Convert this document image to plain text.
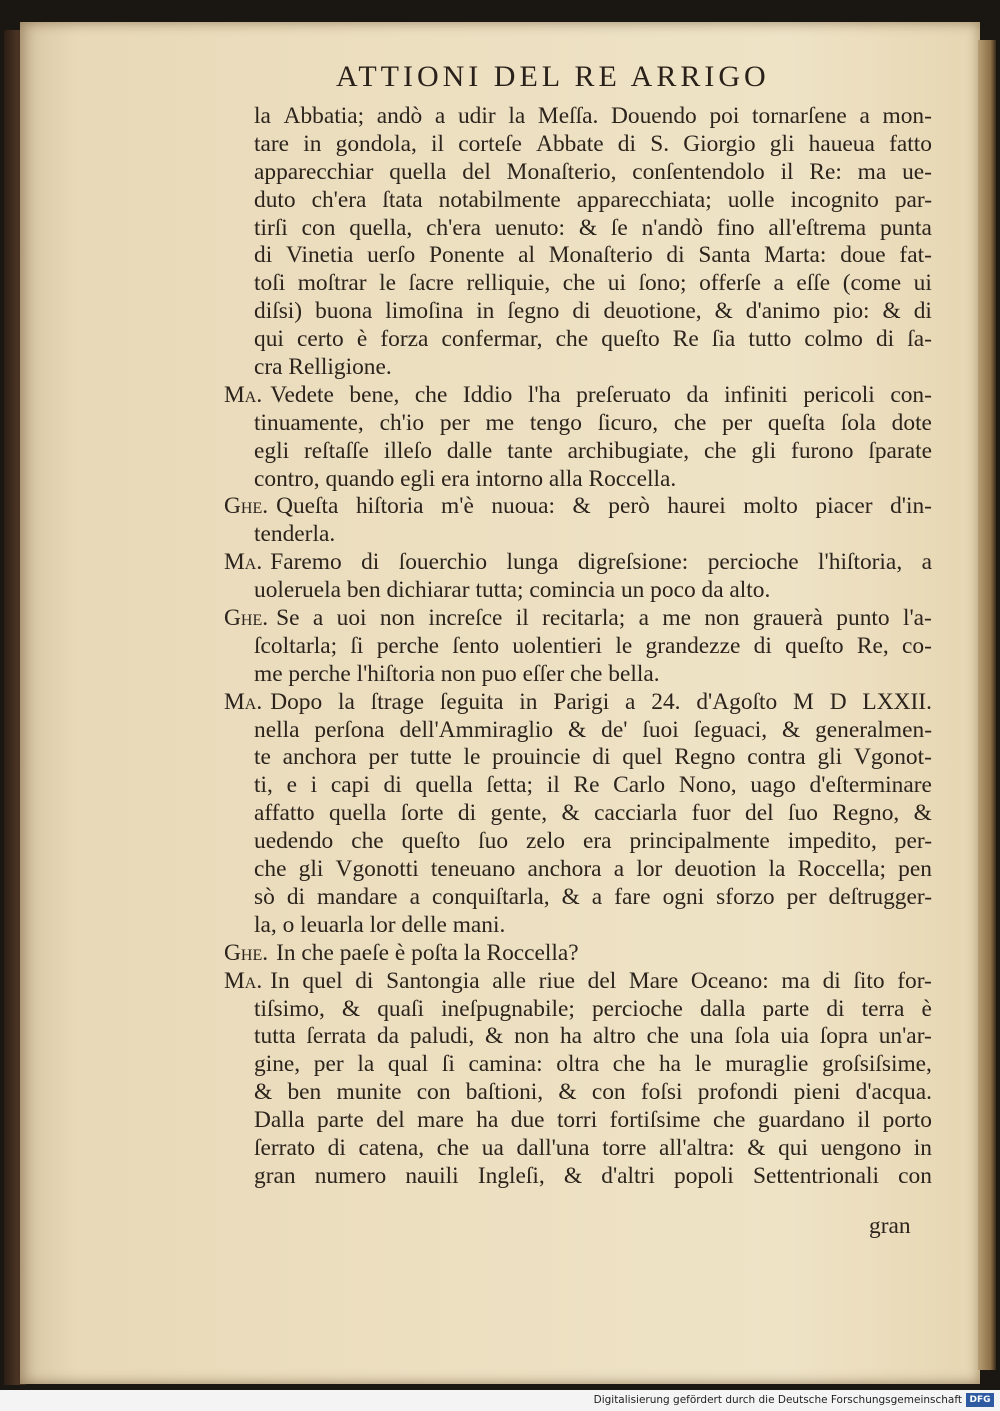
ATTIONI DEL RE ARRIGO
la Abbatia; andò a udir la Meſſa. Douendo poi tornarſene a mon-
tare in gondola, il corteſe Abbate di S. Giorgio gli haueua fatto
apparecchiar quella del Monaſterio, conſentendolo il Re: ma ue-
duto ch'era ſtata notabilmente apparecchiata; uolle incognito par-
tirſi con quella, ch'era uenuto: & ſe n'andò fino all'eſtrema punta
di Vinetia uerſo Ponente al Monaſterio di Santa Marta: doue fat-
toſi moſtrar le ſacre relliquie, che ui ſono; offerſe a eſſe (come ui
diſsi) buona limoſina in ſegno di deuotione, & d'animo pio: & di
qui certo è forza confermar, che queſto Re ſia tutto colmo di ſa-
cra Relligione.
Ma. Vedete bene, che Iddio l'ha preſeruato da infiniti pericoli con-
tinuamente, ch'io per me tengo ſicuro, che per queſta ſola dote
egli reſtaſſe illeſo dalle tante archibugiate, che gli furono ſparate
contro, quando egli era intorno alla Roccella.
Ghe. Queſta hiſtoria m'è nuoua: & però haurei molto piacer d'in-
tenderla.
Ma. Faremo di ſouerchio lunga digreſsione: percioche l'hiſtoria, a
uoleruela ben dichiarar tutta; comincia un poco da alto.
Ghe. Se a uoi non increſce il recitarla; a me non grauerà punto l'a-
ſcoltarla; ſi perche ſento uolentieri le grandezze di queſto Re, co-
me perche l'hiſtoria non puo eſſer che bella.
Ma. Dopo la ſtrage ſeguita in Parigi a 24. d'Agoſto M D LXXII.
nella perſona dell'Ammiraglio & de' ſuoi ſeguaci, & generalmen-
te anchora per tutte le prouincie di quel Regno contra gli Vgonot-
ti, e i capi di quella ſetta; il Re Carlo Nono, uago d'eſterminare
affatto quella ſorte di gente, & cacciarla fuor del ſuo Regno, &
uedendo che queſto ſuo zelo era principalmente impedito, per-
che gli Vgonotti teneuano anchora a lor deuotion la Roccella; pen
sò di mandare a conquiſtarla, & a fare ogni sforzo per deſtrugger-
la, o leuarla lor delle mani.
Ghe. In che paeſe è poſta la Roccella?
Ma. In quel di Santongia alle riue del Mare Oceano: ma di ſito for-
tiſsimo, & quaſi ineſpugnabile; percioche dalla parte di terra è
tutta ſerrata da paludi, & non ha altro che una ſola uia ſopra un'ar-
gine, per la qual ſi camina: oltra che ha le muraglie groſsiſsime,
& ben munite con baſtioni, & con foſsi profondi pieni d'acqua.
Dalla parte del mare ha due torri fortiſsime che guardano il porto
ſerrato di catena, che ua dall'una torre all'altra: & qui uengono in
gran numero nauili Ingleſi, & d'altri popoli Settentrionali con
gran
Digitalisierung gefördert durch die Deutsche Forschungsgemeinschaft DFG
